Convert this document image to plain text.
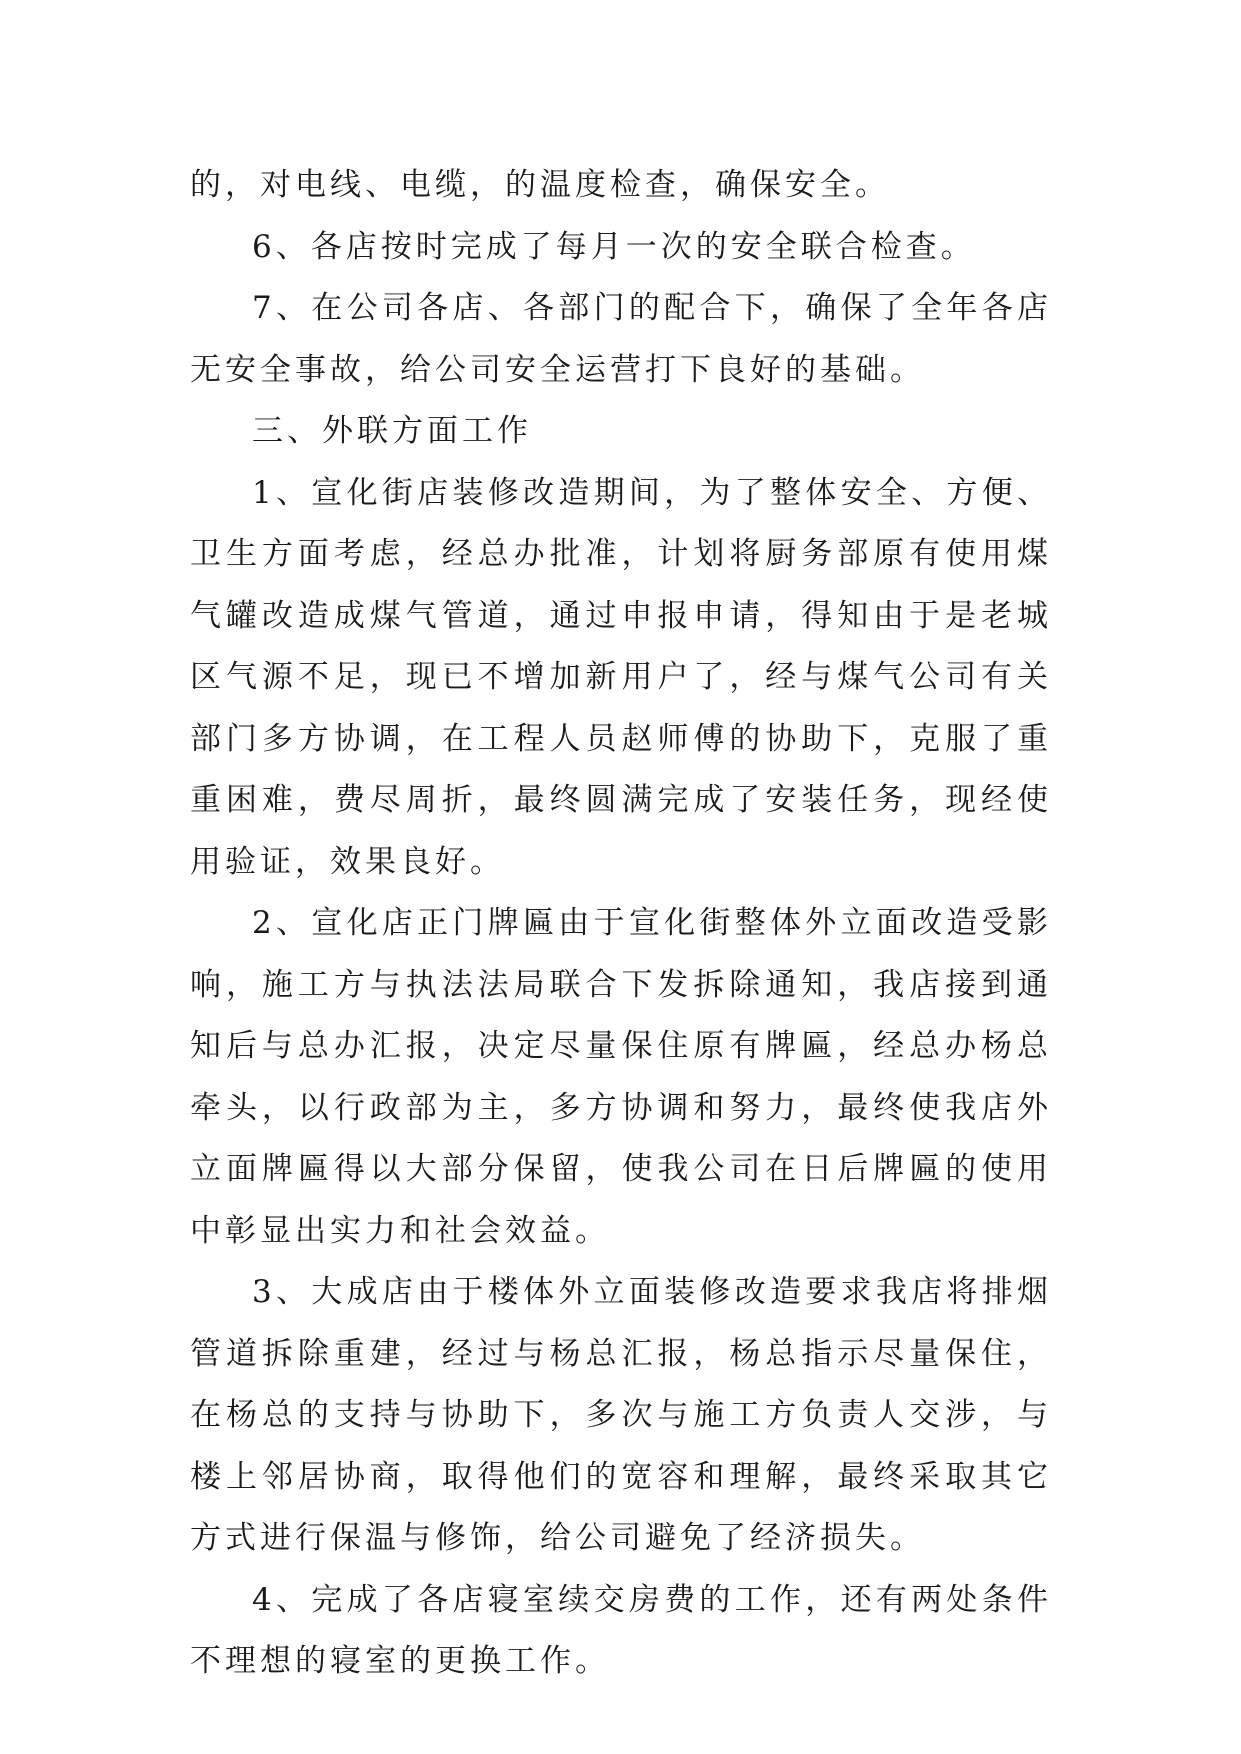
的，对电线、电缆，的温度检查，确保安全。

6、各店按时完成了每月一次的安全联合检查。

7、在公司各店、各部门的配合下，确保了全年各店无安全事故，给公司安全运营打下良好的基础。

三、外联方面工作

1、宣化街店装修改造期间，为了整体安全、方便、卫生方面考虑，经总办批准，计划将厨务部原有使用煤气罐改造成煤气管道，通过申报申请，得知由于是老城区气源不足，现已不增加新用户了，经与煤气公司有关部门多方协调，在工程人员赵师傅的协助下，克服了重重困难，费尽周折，最终圆满完成了安装任务，现经使用验证，效果良好。

2、宣化店正门牌匾由于宣化街整体外立面改造受影响，施工方与执法法局联合下发拆除通知，我店接到通知后与总办汇报，决定尽量保住原有牌匾，经总办杨总牵头，以行政部为主，多方协调和努力，最终使我店外立面牌匾得以大部分保留，使我公司在日后牌匾的使用中彰显出实力和社会效益。

3、大成店由于楼体外立面装修改造要求我店将排烟管道拆除重建，经过与杨总汇报，杨总指示尽量保住，在杨总的支持与协助下，多次与施工方负责人交涉，与楼上邻居协商，取得他们的宽容和理解，最终采取其它方式进行保温与修饰，给公司避免了经济损失。

4、完成了各店寝室续交房费的工作，还有两处条件不理想的寝室的更换工作。
